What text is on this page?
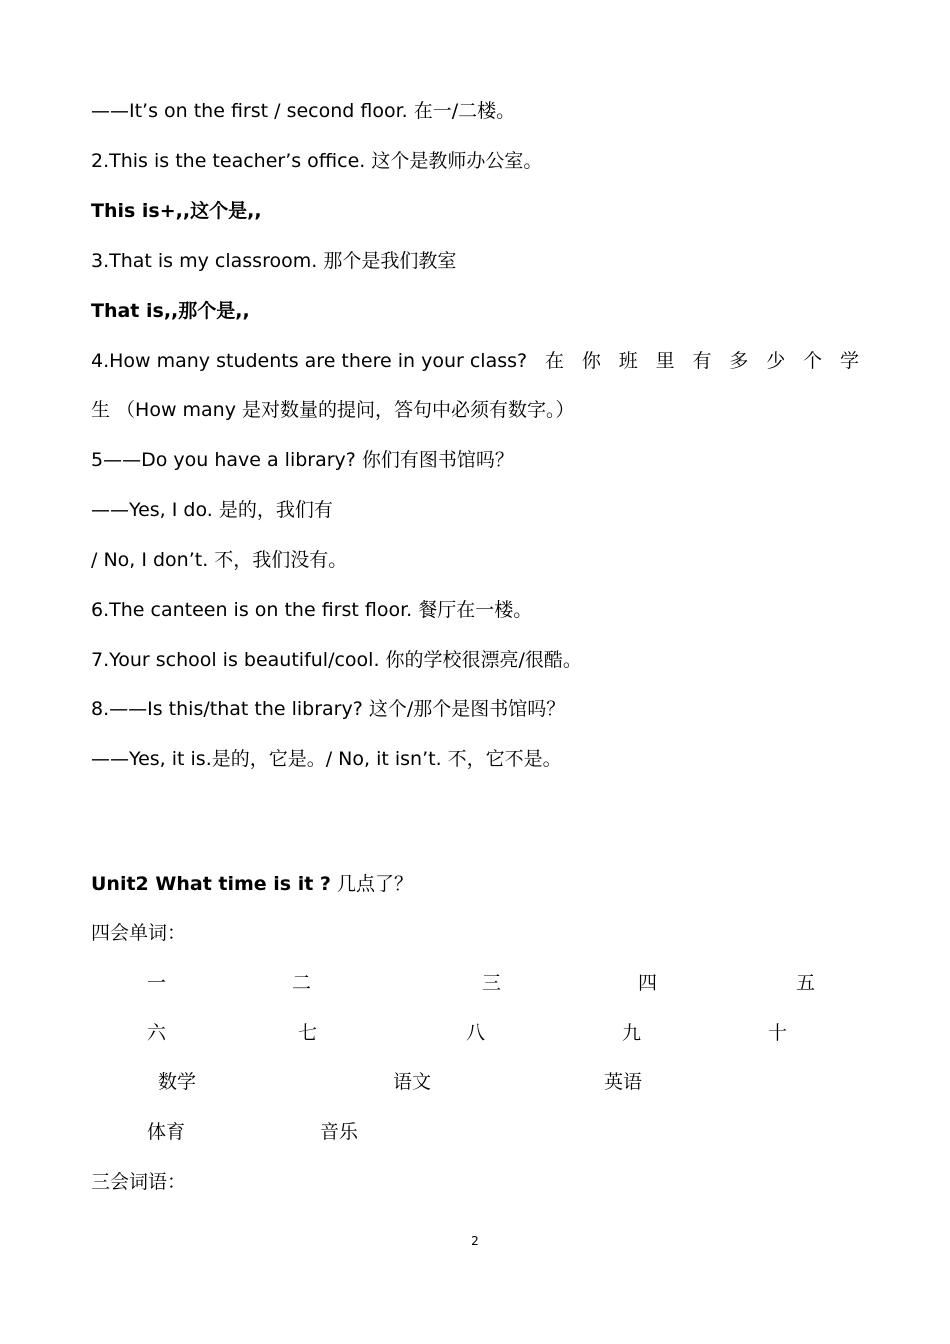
——It’s on the first / second floor. 在一/二楼。
2.This is the teacher’s office. 这个是教师办公室。
This is+,,这个是,,
3.That is my classroom. 那个是我们教室
That is,,那个是,,
4.How many students are there in your class? 在 你 班 里 有 多 少 个 学
生 （How many 是对数量的提问，答句中必须有数字。）
5——Do you have a library? 你们有图书馆吗？
——Yes, I do. 是的，我们有
/ No, I don’t. 不，我们没有。
6.The canteen is on the first floor. 餐厅在一楼。
7.Your school is beautiful/cool. 你的学校很漂亮/很酷。
8.——Is this/that the library? 这个/那个是图书馆吗？
——Yes, it is.是的，它是。/ No, it isn’t. 不，它不是。
Unit2 What time is it ? 几点了？
四会单词：
一	二	三	四	五
六	七	八	九	十
数学	语文	英语
体育	音乐
三会词语：
2
